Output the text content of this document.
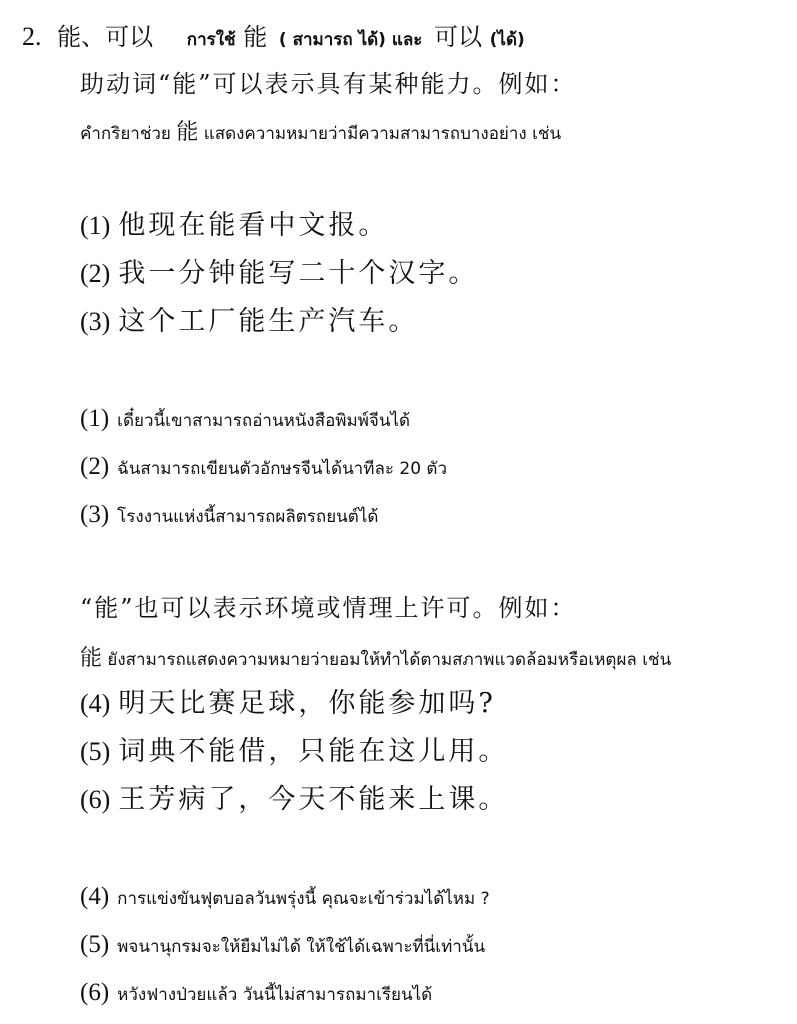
2. 能、可以 การใช้ 能 ( สามารถ ได้) และ 可以 (ได้)
助动词“能”可以表示具有某种能力。例如：
คำกริยาช่วย 能 แสดงความหมายว่ามีความสามารถบางอย่าง เช่น
(1) 他现在能看中文报。
(2) 我一分钟能写二十个汉字。
(3) 这个工厂能生产汽车。
(1) เดี๋ยวนี้เขาสามารถอ่านหนังสือพิมพ์จีนได้
(2) ฉันสามารถเขียนตัวอักษรจีนได้นาทีละ 20 ตัว
(3) โรงงานแห่งนี้สามารถผลิตรถยนต์ได้
“能”也可以表示环境或情理上许可。例如：
能 ยังสามารถแสดงความหมายว่ายอมให้ทำได้ตามสภาพแวดล้อมหรือเหตุผล เช่น
(4) 明天比赛足球，你能参加吗?
(5) 词典不能借，只能在这儿用。
(6) 王芳病了，今天不能来上课。
(4) การแข่งขันฟุตบอลวันพรุ่งนี้ คุณจะเข้าร่วมได้ไหม ?
(5) พจนานุกรมจะให้ยืมไม่ได้ ให้ใช้ได้เฉพาะที่นี่เท่านั้น
(6) หวังฟางป่วยแล้ว วันนี้ไม่สามารถมาเรียนได้
